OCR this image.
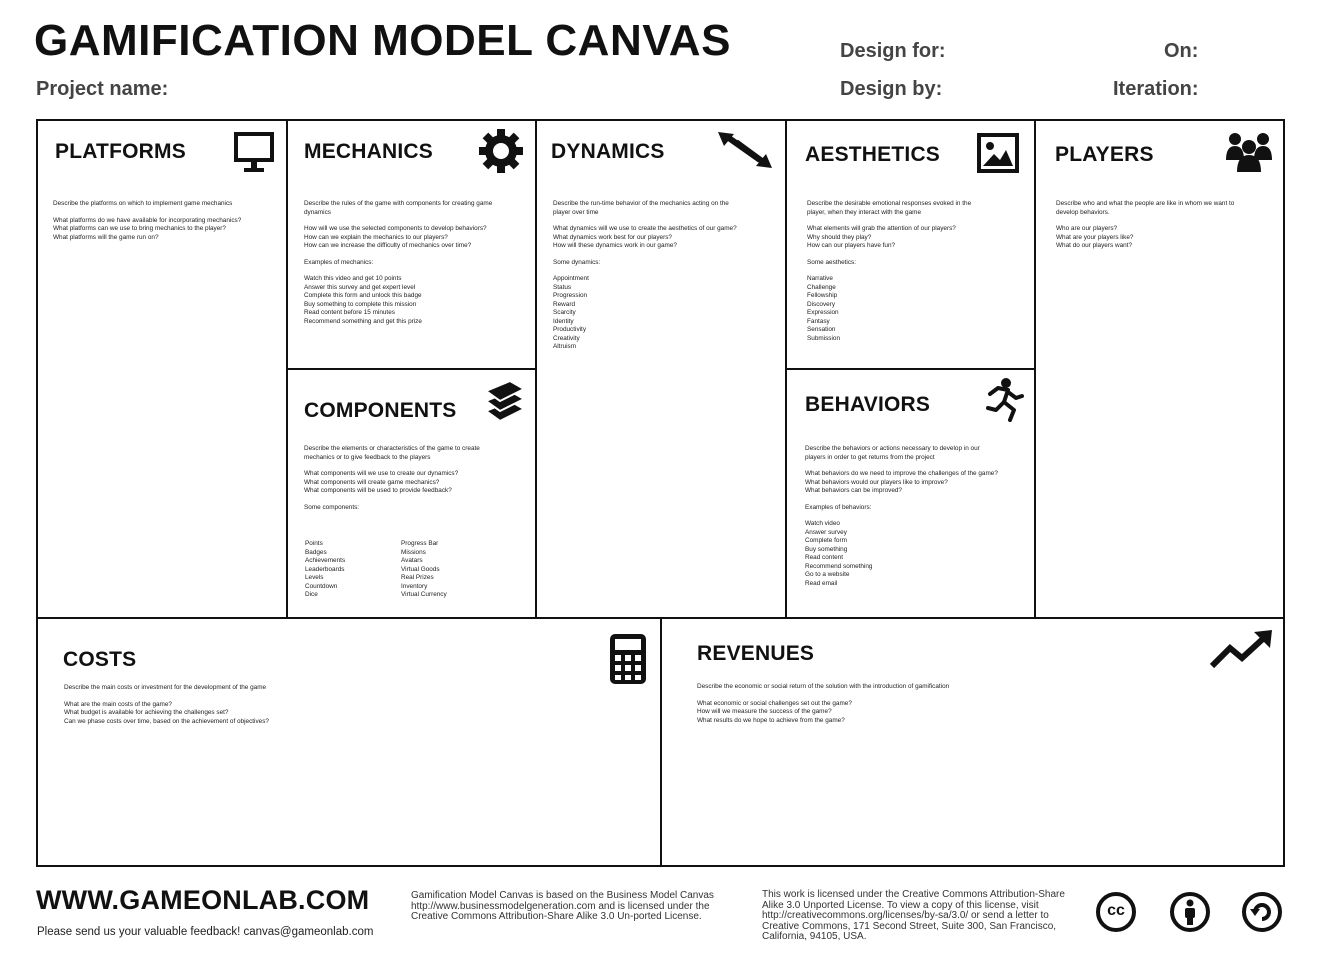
GAMIFICATION MODEL CANVAS
Project name:
Design for:
Design by:
On:
Iteration:
PLATFORMS
Describe the platforms on which to implement game mechanics
What platforms do we have available for incorporating mechanics?
What platforms can we use to bring mechanics to the player?
What platforms will the game run on?
MECHANICS
Describe the rules of the game with components for creating game
dynamics
How will we use the selected components to develop behaviors?
How can we explain the mechanics to our players?
How can we increase the difficulty of mechanics over time?
Examples of mechanics:
Watch this video and get 10 points
Answer this survey and get expert level
Complete this form and unlock this badge
Buy something to complete this mission
Read content before 15 minutes
Recommend something and get this prize
DYNAMICS
Describe the run-time behavior of the mechanics acting on the
player over time
What dynamics will we use to create the aesthetics of our game?
What dynamics work best for our players?
How will these dynamics work in our game?
Some dynamics:
Appointment
Status
Progression
Reward
Scarcity
Identity
Productivity
Creativity
Altruism
AESTHETICS
Describe the desirable emotional responses evoked in the
player, when they interact with the game
What elements will grab the attention of our players?
Why should they play?
How can our players have fun?
Some aesthetics:
Narrative
Challenge
Fellowship
Discovery
Expression
Fantasy
Sensation
Submission
PLAYERS
Describe who and what the people are like in whom we want to
develop behaviors.
Who are our players?
What are your players like?
What do our players want?
COMPONENTS
Describe the elements or characteristics of the game to create
mechanics or to give feedback to the players
What components will we use to create our dynamics?
What components will create game mechanics?
What components will be used to provide feedback?
Some components:
Points
Badges
Achievements
Leaderboards
Levels
Countdown
Dice
Progress Bar
Missions
Avatars
Virtual Goods
Real Prizes
Inventory
Virtual Currency
BEHAVIORS
Describe the behaviors or actions necessary to develop in our
players in order to get returns from the project
What behaviors do we need to improve the challenges of the game?
What behaviors would our players like to improve?
What behaviors can be improved?
Examples of behaviors:
Watch video
Answer survey
Complete form
Buy something
Read content
Recommend something
Go to a website
Read email
COSTS
Describe the main costs or investment for the development of the game
What are the main costs of the game?
What budget is available for achieving the challenges set?
Can we phase costs over time, based on the achievement of objectives?
REVENUES
Describe the economic or social return of the solution with the introduction of gamification
What economic or social challenges set out the game?
How will we measure the success of the game?
What results do we hope to achieve from the game?
WWW.GAMEONLAB.COM
Please send us your valuable feedback! canvas@gameonlab.com
Gamification Model Canvas is based on the Business Model Canvas
http://www.businessmodelgeneration.com and is licensed under the
Creative Commons Attribution-Share Alike 3.0 Un-ported License.
This work is licensed under the Creative Commons Attribution-Share
Alike 3.0 Unported License. To view a copy of this license, visit
http://creativecommons.org/licenses/by-sa/3.0/ or send a letter to
Creative Commons, 171 Second Street, Suite 300, San Francisco,
California, 94105, USA.
cc
